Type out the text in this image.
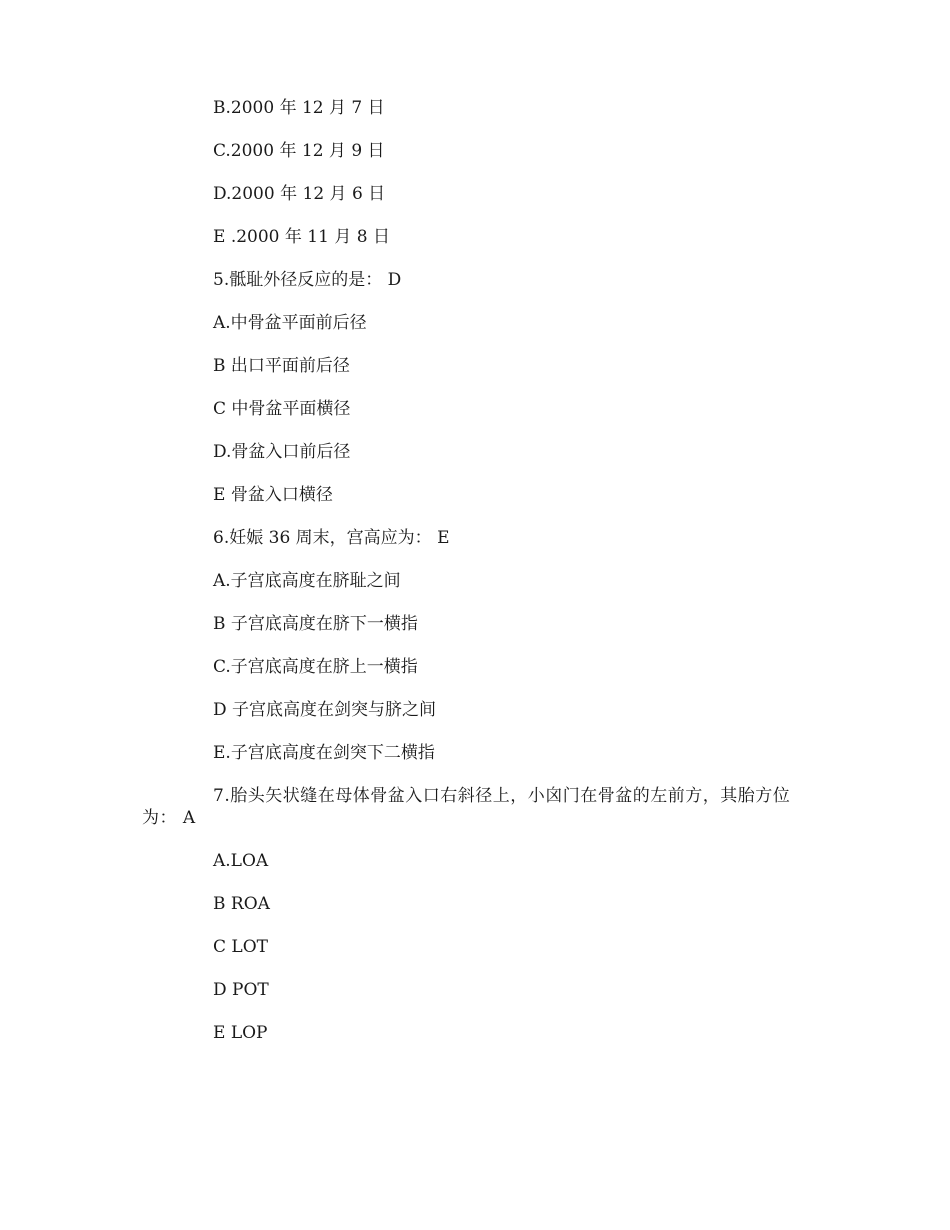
B.2000 年 12 月 7 日
C.2000 年 12 月 9 日
D.2000 年 12 月 6 日
E .2000 年 11 月 8 日
5.骶耻外径反应的是： D
A.中骨盆平面前后径
B 出口平面前后径
C 中骨盆平面横径
D.骨盆入口前后径
E 骨盆入口横径
6.妊娠 36 周末，宫高应为： E
A.子宫底高度在脐耻之间
B 子宫底高度在脐下一横指
C.子宫底高度在脐上一横指
D 子宫底高度在剑突与脐之间
E.子宫底高度在剑突下二横指
7.胎头矢状缝在母体骨盆入口右斜径上，小囟门在骨盆的左前方，其胎方位为： A
A.LOA
B ROA
C LOT
D POT
E LOP
